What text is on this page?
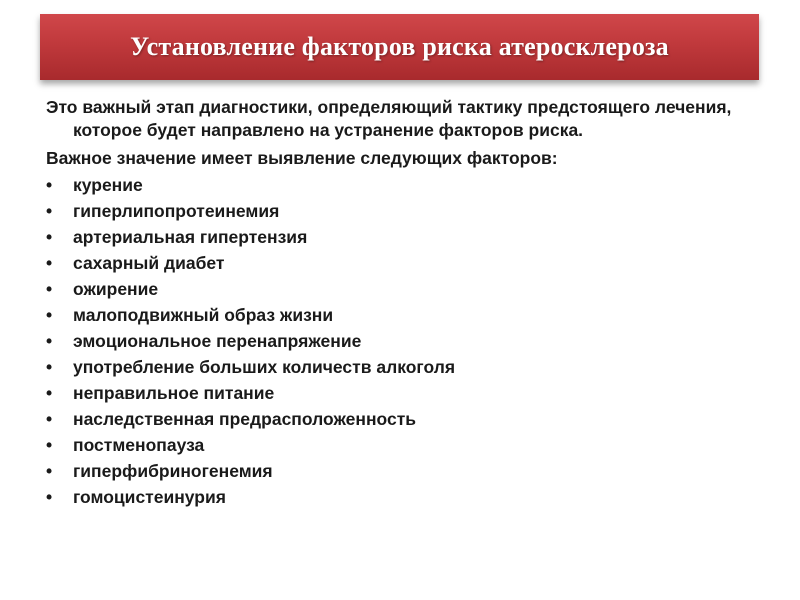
Установление факторов риска атеросклероза

Это важный этап диагностики, определяющий тактику предстоящего лечения, которое будет направлено на устранение факторов риска.

Важное значение имеет выявление следующих факторов:

•	курение
•	гиперлипопротеинемия
•	артериальная гипертензия
•	сахарный диабет
•	ожирение
•	малоподвижный образ жизни
•	эмоциональное перенапряжение
•	употребление больших количеств алкоголя
•	неправильное питание
•	наследственная предрасположенность
•	постменопауза
•	гиперфибриногенемия
•	гомоцистеинурия
